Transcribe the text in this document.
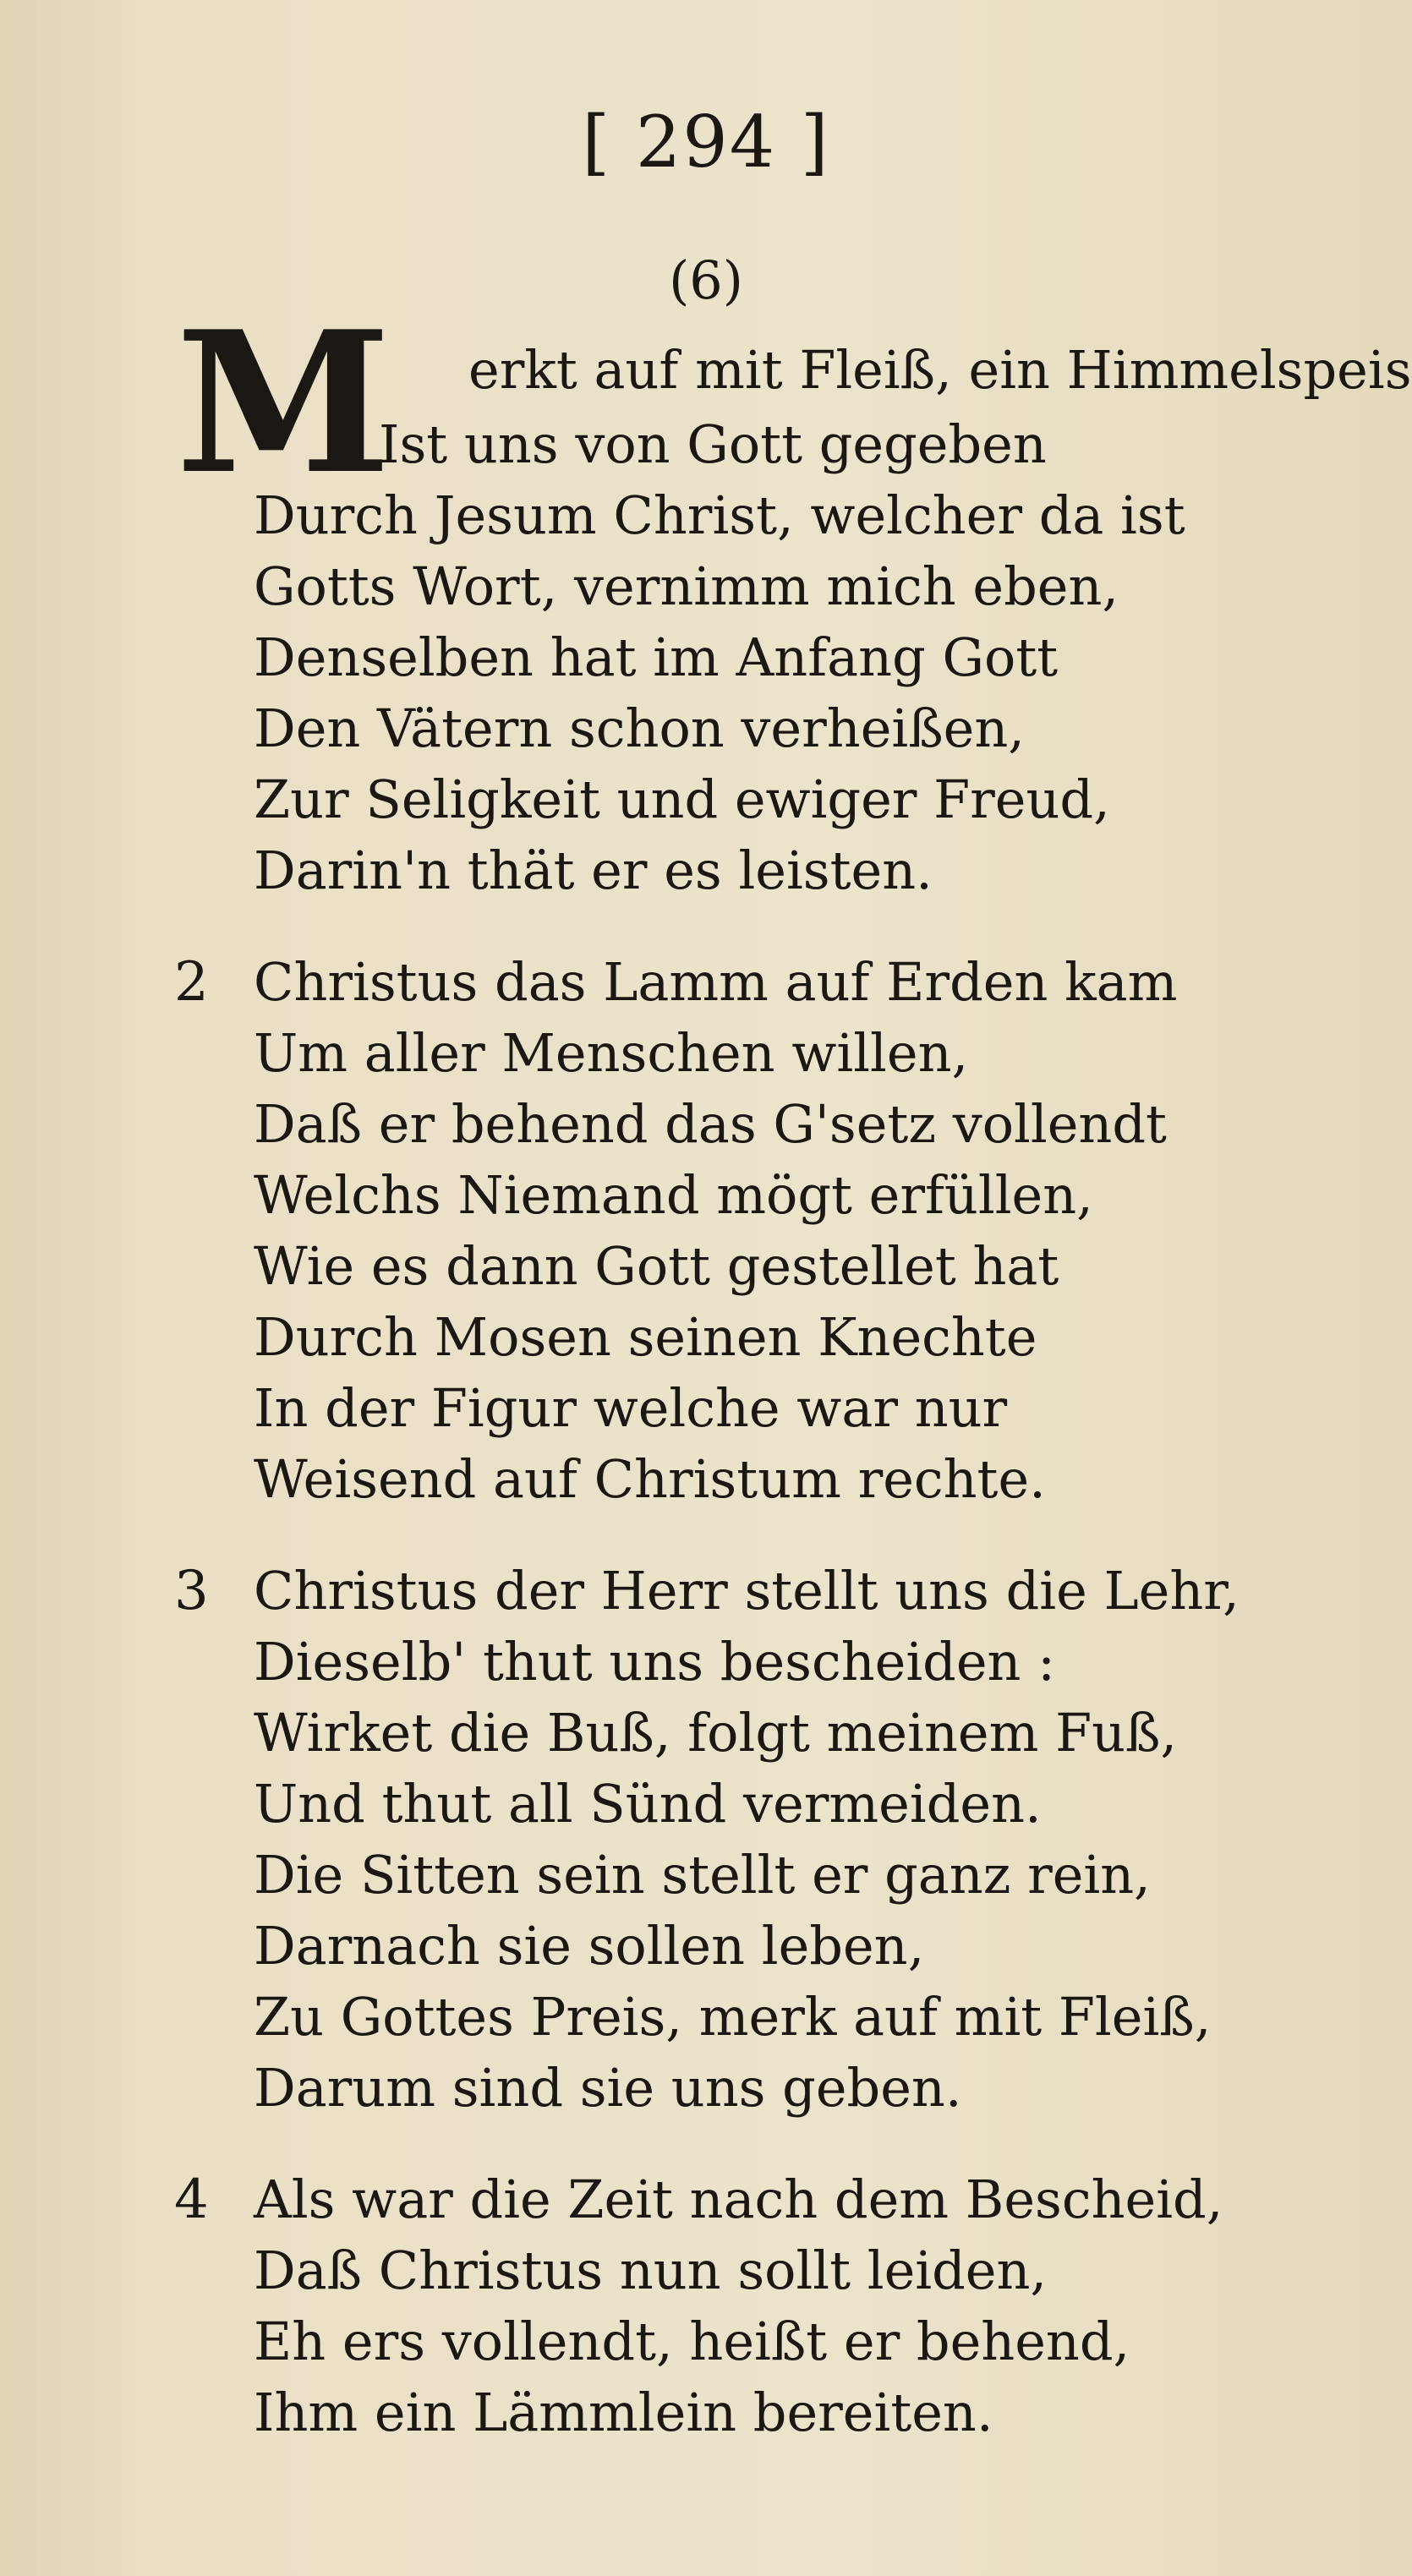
[ 294 ]
(6)
M erkt auf mit Fleiß, ein Himmelspeis
Ist uns von Gott gegeben
Durch Jesum Christ, welcher da ist
Gotts Wort, vernimm mich eben,
Denselben hat im Anfang Gott
Den Vätern schon verheißen,
Zur Seligkeit und ewiger Freud,
Darin'n thät er es leisten.
2 Christus das Lamm auf Erden kam
Um aller Menschen willen,
Daß er behend das G'setz vollendt
Welchs Niemand mögt erfüllen,
Wie es dann Gott gestellet hat
Durch Mosen seinen Knechte
In der Figur welche war nur
Weisend auf Christum rechte.
3 Christus der Herr stellt uns die Lehr,
Dieselb' thut uns bescheiden :
Wirket die Buß, folgt meinem Fuß,
Und thut all Sünd vermeiden.
Die Sitten sein stellt er ganz rein,
Darnach sie sollen leben,
Zu Gottes Preis, merk auf mit Fleiß,
Darum sind sie uns geben.
4 Als war die Zeit nach dem Bescheid,
Daß Christus nun sollt leiden,
Eh ers vollendt, heißt er behend,
Ihm ein Lämmlein bereiten.
